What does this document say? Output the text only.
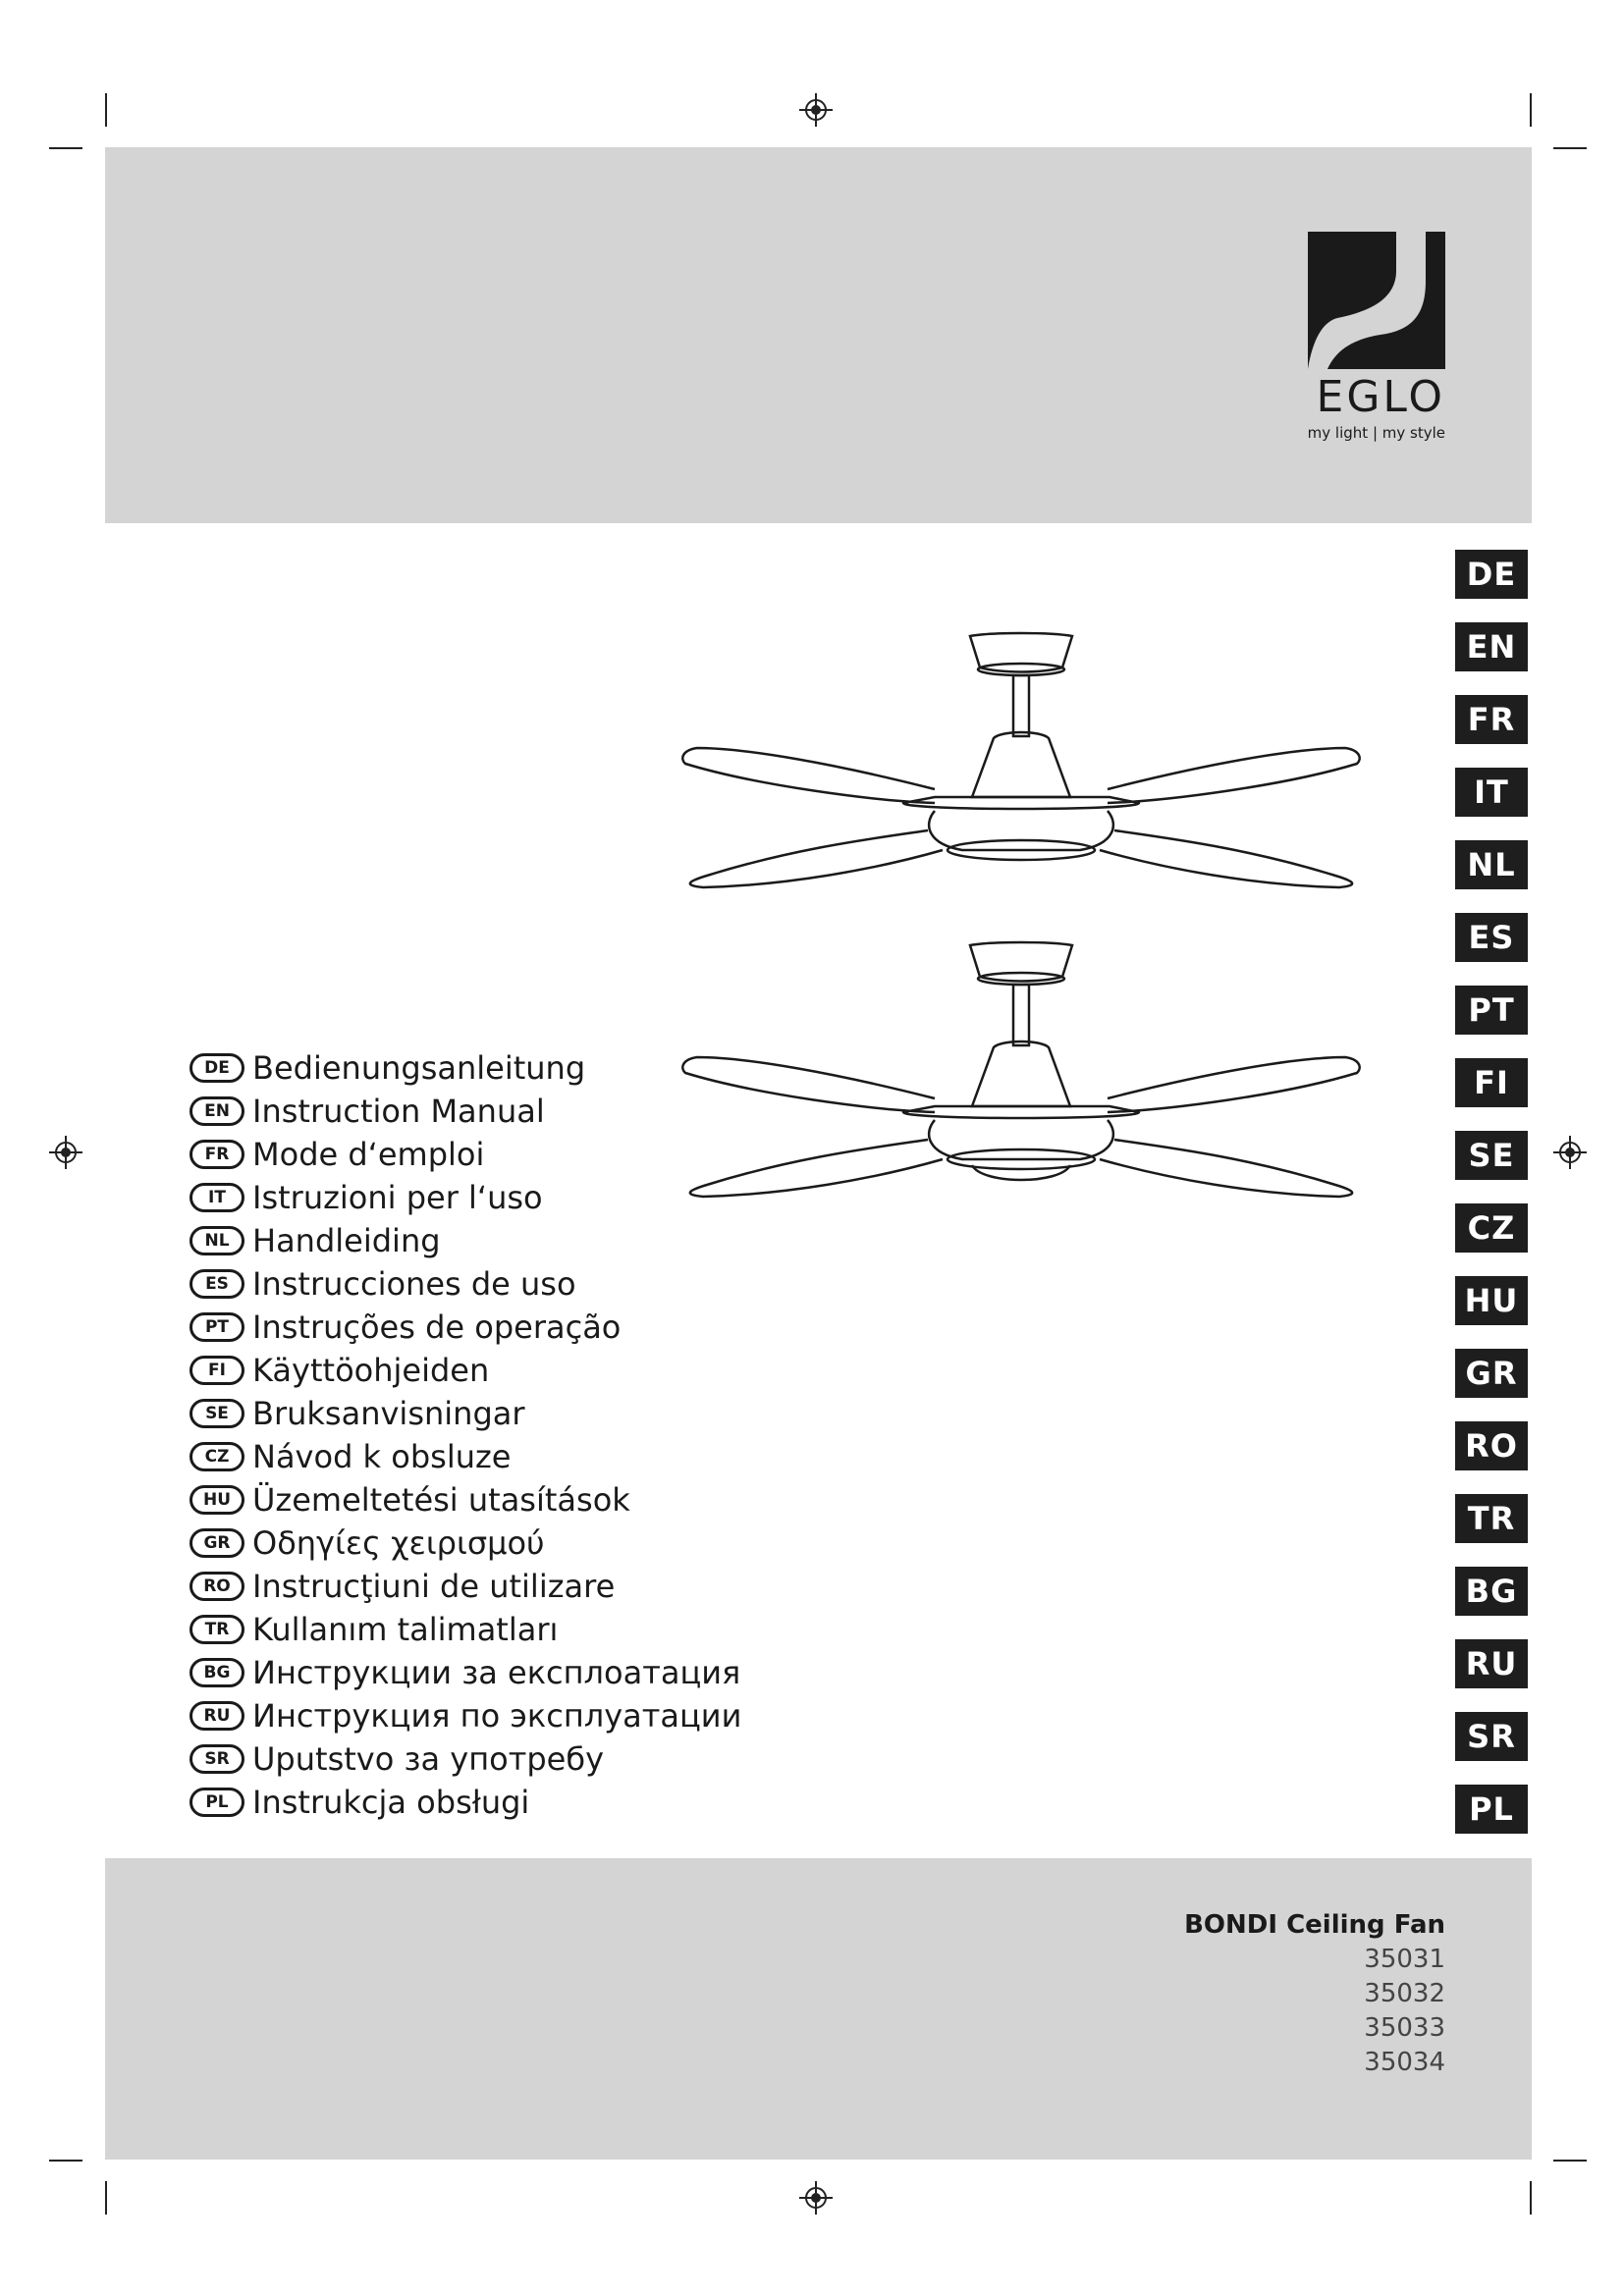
EGLO
my light | my style
DE
EN
FR
IT
NL
ES
PT
FI
SE
CZ
HU
GR
RO
TR
BG
RU
SR
PL
DE Bedienungsanleitung
EN Instruction Manual
FR Mode d‘emploi
IT Istruzioni per l‘uso
NL Handleiding
ES Instrucciones de uso
PT Instruções de operação
FI Käyttöohjeiden
SE Bruksanvisningar
CZ Návod k obsluze
HU Üzemeltetési utasítások
GR Οδηγίες χειρισμού
RO Instrucţiuni de utilizare
TR Kullanım talimatları
BG Инструкции за експлоатация
RU Инструкция по эксплуатации
SR Uputstvo за употребу
PL Instrukcja obsługi
BONDI Ceiling Fan
35031
35032
35033
35034
